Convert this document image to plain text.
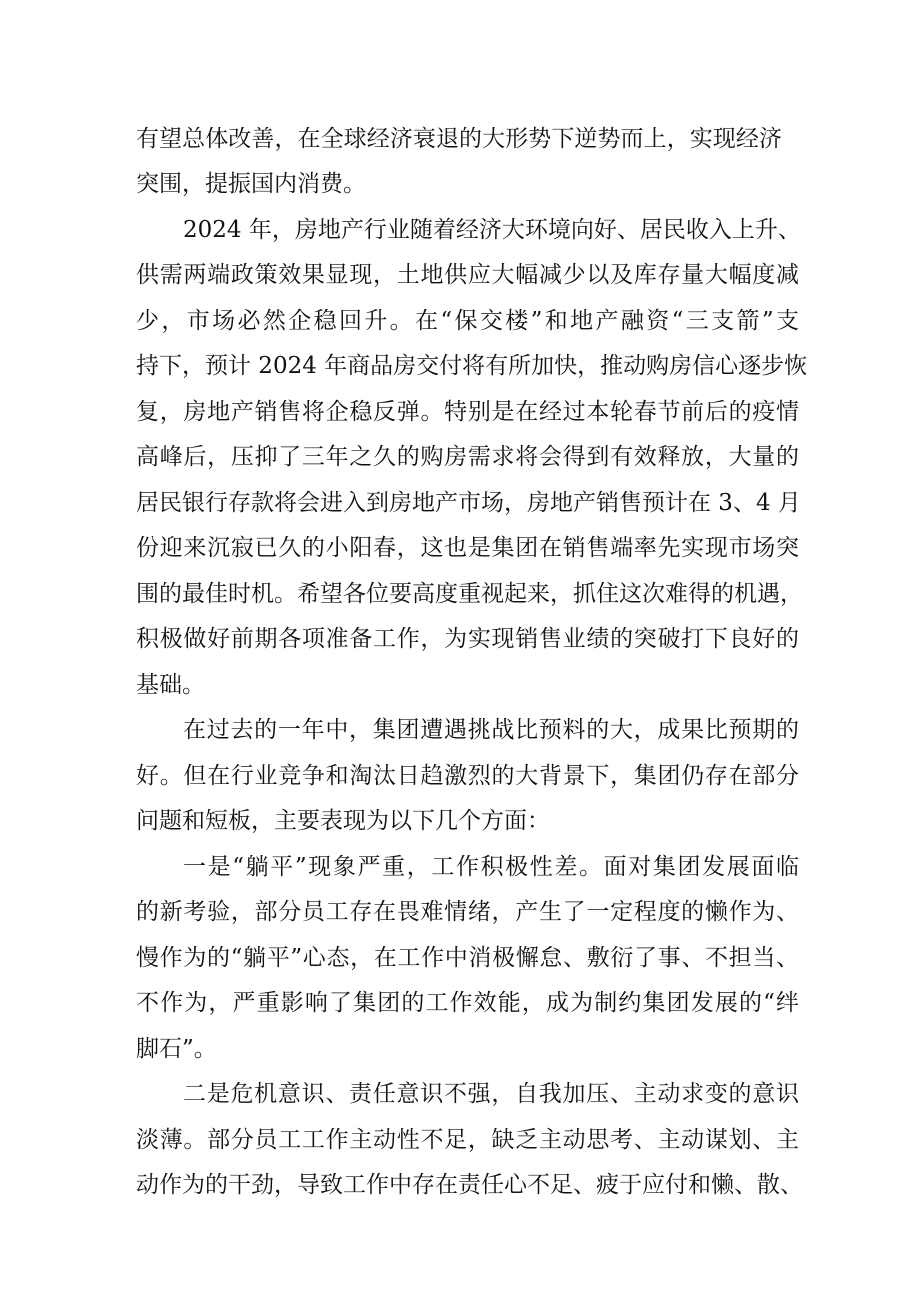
有望总体改善，在全球经济衰退的大形势下逆势而上，实现经济
突围，提振国内消费。
2024 年，房地产行业随着经济大环境向好、居民收入上升、
供需两端政策效果显现，土地供应大幅减少以及库存量大幅度减
少，市场必然企稳回升。在“保交楼”和地产融资“三支箭”支
持下，预计 2024 年商品房交付将有所加快，推动购房信心逐步恢
复，房地产销售将企稳反弹。特别是在经过本轮春节前后的疫情
高峰后，压抑了三年之久的购房需求将会得到有效释放，大量的
居民银行存款将会进入到房地产市场，房地产销售预计在 3、4 月
份迎来沉寂已久的小阳春，这也是集团在销售端率先实现市场突
围的最佳时机。希望各位要高度重视起来，抓住这次难得的机遇，
积极做好前期各项准备工作，为实现销售业绩的突破打下良好的
基础。
在过去的一年中，集团遭遇挑战比预料的大，成果比预期的
好。但在行业竞争和淘汰日趋激烈的大背景下，集团仍存在部分
问题和短板，主要表现为以下几个方面：
一是“躺平”现象严重，工作积极性差。面对集团发展面临
的新考验，部分员工存在畏难情绪，产生了一定程度的懒作为、
慢作为的“躺平”心态，在工作中消极懈怠、敷衍了事、不担当、
不作为，严重影响了集团的工作效能，成为制约集团发展的“绊
脚石”。
二是危机意识、责任意识不强，自我加压、主动求变的意识
淡薄。部分员工工作主动性不足，缺乏主动思考、主动谋划、主
动作为的干劲，导致工作中存在责任心不足、疲于应付和懒、散、
